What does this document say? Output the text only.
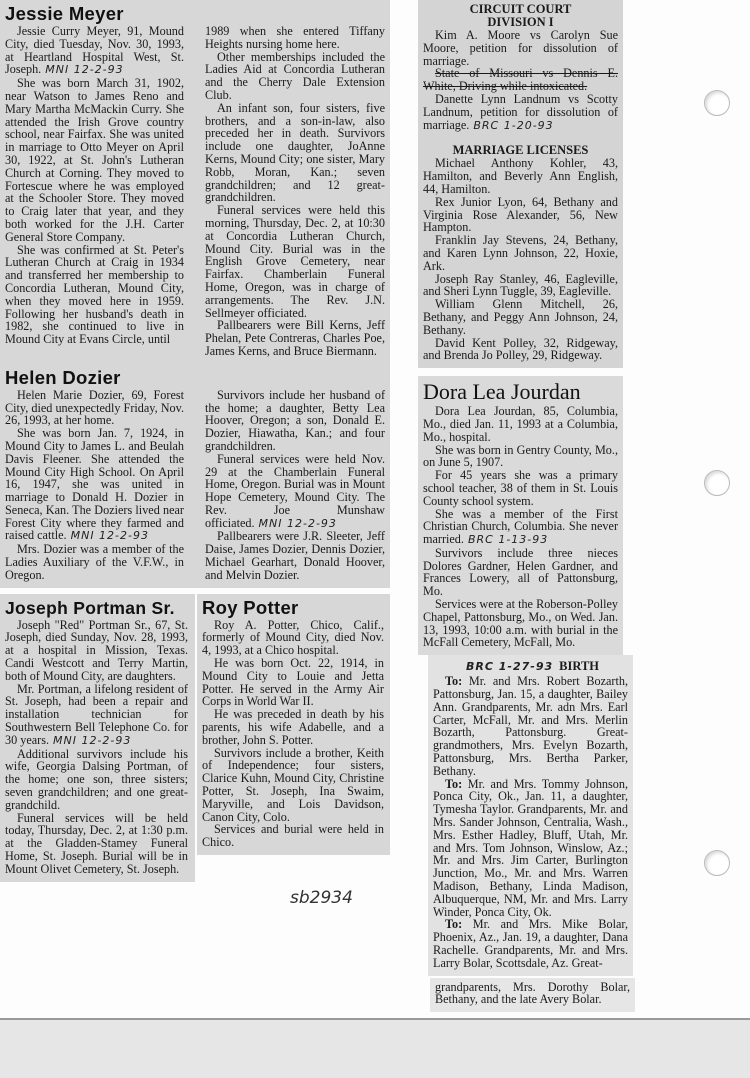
Jessie Meyer

Jessie Curry Meyer, 91, Mound City, died Tuesday, Nov. 30, 1993, at Heartland Hospital West, St. Joseph. MNI 12-2-93

She was born March 31, 1902, near Watson to James Reno and Mary Martha McMackin Curry. She attended the Irish Grove country school, near Fairfax. She was united in marriage to Otto Meyer on April 30, 1922, at St. John's Lutheran Church at Corning. They moved to Fortescue where he was employed at the Schooler Store. They moved to Craig later that year, and they both worked for the J.H. Carter General Store Company.

She was confirmed at St. Peter's Lutheran Church at Craig in 1934 and transferred her membership to Concordia Lutheran, Mound City, when they moved here in 1959. Following her husband's death in 1982, she continued to live in Mound City at Evans Circle, until

1989 when she entered Tiffany Heights nursing home here.

Other memberships included the Ladies Aid at Concordia Lutheran and the Cherry Dale Extension Club.

An infant son, four sisters, five brothers, and a son-in-law, also preceded her in death. Survivors include one daughter, JoAnne Kerns, Mound City; one sister, Mary Robb, Moran, Kan.; seven grandchildren; and 12 great-grandchildren.

Funeral services were held this morning, Thursday, Dec. 2, at 10:30 at Concordia Lutheran Church, Mound City. Burial was in the English Grove Cemetery, near Fairfax. Chamberlain Funeral Home, Oregon, was in charge of arrangements. The Rev. J.N. Sellmeyer officiated.

Pallbearers were Bill Kerns, Jeff Phelan, Pete Contreras, Charles Poe, James Kerns, and Bruce Biermann.

Helen Dozier

Helen Marie Dozier, 69, Forest City, died unexpectedly Friday, Nov. 26, 1993, at her home.

She was born Jan. 7, 1924, in Mound City to James L. and Beulah Davis Fleener. She attended the Mound City High School. On April 16, 1947, she was united in marriage to Donald H. Dozier in Seneca, Kan. The Doziers lived near Forest City where they farmed and raised cattle. MNI 12-2-93

Mrs. Dozier was a member of the Ladies Auxiliary of the V.F.W., in Oregon.

Survivors include her husband of the home; a daughter, Betty Lea Hoover, Oregon; a son, Donald E. Dozier, Hiawatha, Kan.; and four grandchildren.

Funeral services were held Nov. 29 at the Chamberlain Funeral Home, Oregon. Burial was in Mount Hope Cemetery, Mound City. The Rev. Joe Munshaw officiated. MNI 12-2-93

Pallbearers were J.R. Sleeter, Jeff Daise, James Dozier, Dennis Dozier, Michael Gearhart, Donald Hoover, and Melvin Dozier.

Joseph Portman Sr.

Joseph "Red" Portman Sr., 67, St. Joseph, died Sunday, Nov. 28, 1993, at a hospital in Mission, Texas. Candi Westcott and Terry Martin, both of Mound City, are daughters.

Mr. Portman, a lifelong resident of St. Joseph, had been a repair and installation technician for Southwestern Bell Telephone Co. for 30 years. MNI 12-2-93

Additional survivors include his wife, Georgia Dalsing Portman, of the home; one son, three sisters; seven grandchildren; and one great-grandchild.

Funeral services will be held today, Thursday, Dec. 2, at 1:30 p.m. at the Gladden-Stamey Funeral Home, St. Joseph. Burial will be in Mount Olivet Cemetery, St. Joseph.

Roy Potter

Roy A. Potter, Chico, Calif., formerly of Mound City, died Nov. 4, 1993, at a Chico hospital.

He was born Oct. 22, 1914, in Mound City to Louie and Jetta Potter. He served in the Army Air Corps in World War II.

He was preceded in death by his parents, his wife Adabelle, and a brother, John S. Potter.

Survivors include a brother, Keith of Independence; four sisters, Clarice Kuhn, Mound City, Christine Potter, St. Joseph, Ina Swaim, Maryville, and Lois Davidson, Canon City, Colo.

Services and burial were held in Chico.

sb2934

CIRCUIT COURT

DIVISION I

Kim A. Moore vs Carolyn Sue Moore, petition for dissolution of marriage.

State of Missouri vs Dennis E. White, Driving while intoxicated.

Danette Lynn Landnum vs Scotty Landnum, petition for dissolution of marriage. BRC 1-20-93

MARRIAGE LICENSES

Michael Anthony Kohler, 43, Hamilton, and Beverly Ann English, 44, Hamilton.

Rex Junior Lyon, 64, Bethany and Virginia Rose Alexander, 56, New Hampton.

Franklin Jay Stevens, 24, Bethany, and Karen Lynn Johnson, 22, Hoxie, Ark.

Joseph Ray Stanley, 46, Eagleville, and Sheri Lynn Tuggle, 39, Eagleville.

William Glenn Mitchell, 26, Bethany, and Peggy Ann Johnson, 24, Bethany.

David Kent Polley, 32, Ridgeway, and Brenda Jo Polley, 29, Ridgeway.

Dora Lea Jourdan

Dora Lea Jourdan, 85, Columbia, Mo., died Jan. 11, 1993 at a Columbia, Mo., hospital.

She was born in Gentry County, Mo., on June 5, 1907.

For 45 years she was a primary school teacher, 38 of them in St. Louis County school system.

She was a member of the First Christian Church, Columbia. She never married. BRC 1-13-93

Survivors include three nieces Dolores Gardner, Helen Gardner, and Frances Lowery, all of Pattonsburg, Mo.

Services were at the Roberson-Polley Chapel, Pattonsburg, Mo., on Wed. Jan. 13, 1993, 10:00 a.m. with burial in the McFall Cemetery, McFall, Mo.

BRC 1-27-93 BIRTH

To: Mr. and Mrs. Robert Bozarth, Pattonsburg, Jan. 15, a daughter, Bailey Ann. Grandparents, Mr. adn Mrs. Earl Carter, McFall, Mr. and Mrs. Merlin Bozarth, Pattonsburg. Great-grandmothers, Mrs. Evelyn Bozarth, Pattonsburg, Mrs. Bertha Parker, Bethany.

To: Mr. and Mrs. Tommy Johnson, Ponca City, Ok., Jan. 11, a daughter, Tymesha Taylor. Grandparents, Mr. and Mrs. Sander Johnson, Centralia, Wash., Mrs. Esther Hadley, Bluff, Utah, Mr. and Mrs. Tom Johnson, Winslow, Az.; Mr. and Mrs. Jim Carter, Burlington Junction, Mo., Mr. and Mrs. Warren Madison, Bethany, Linda Madison, Albuquerque, NM, Mr. and Mrs. Larry Winder, Ponca City, Ok.

To: Mr. and Mrs. Mike Bolar, Phoenix, Az., Jan. 19, a daughter, Dana Rachelle. Grandparents, Mr. and Mrs. Larry Bolar, Scottsdale, Az. Great-

grandparents, Mrs. Dorothy Bolar, Bethany, and the late Avery Bolar.
